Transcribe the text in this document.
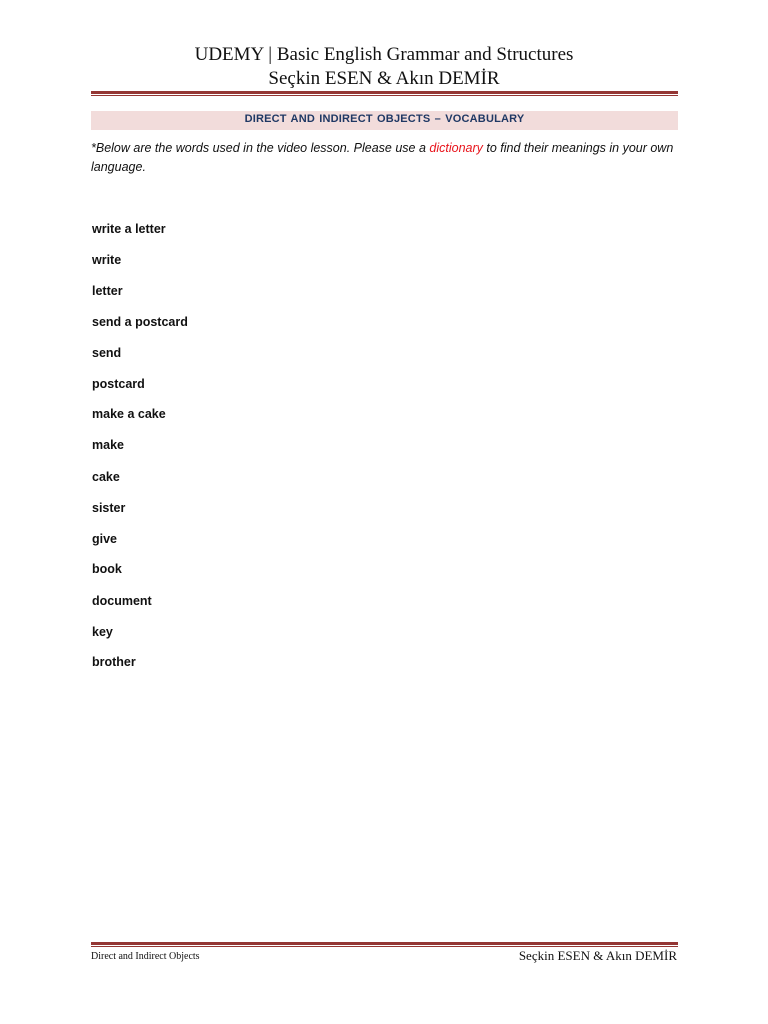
UDEMY | Basic English Grammar and Structures
Seçkin ESEN & Akın DEMİR
DIRECT AND INDIRECT OBJECTS – VOCABULARY
*Below are the words used in the video lesson. Please use a dictionary to find their meanings in your own language.
write a letter
write
letter
send a postcard
send
postcard
make a cake
make
cake
sister
give
book
document
key
brother
Direct and Indirect Objects	Seçkin ESEN & Akın DEMİR
